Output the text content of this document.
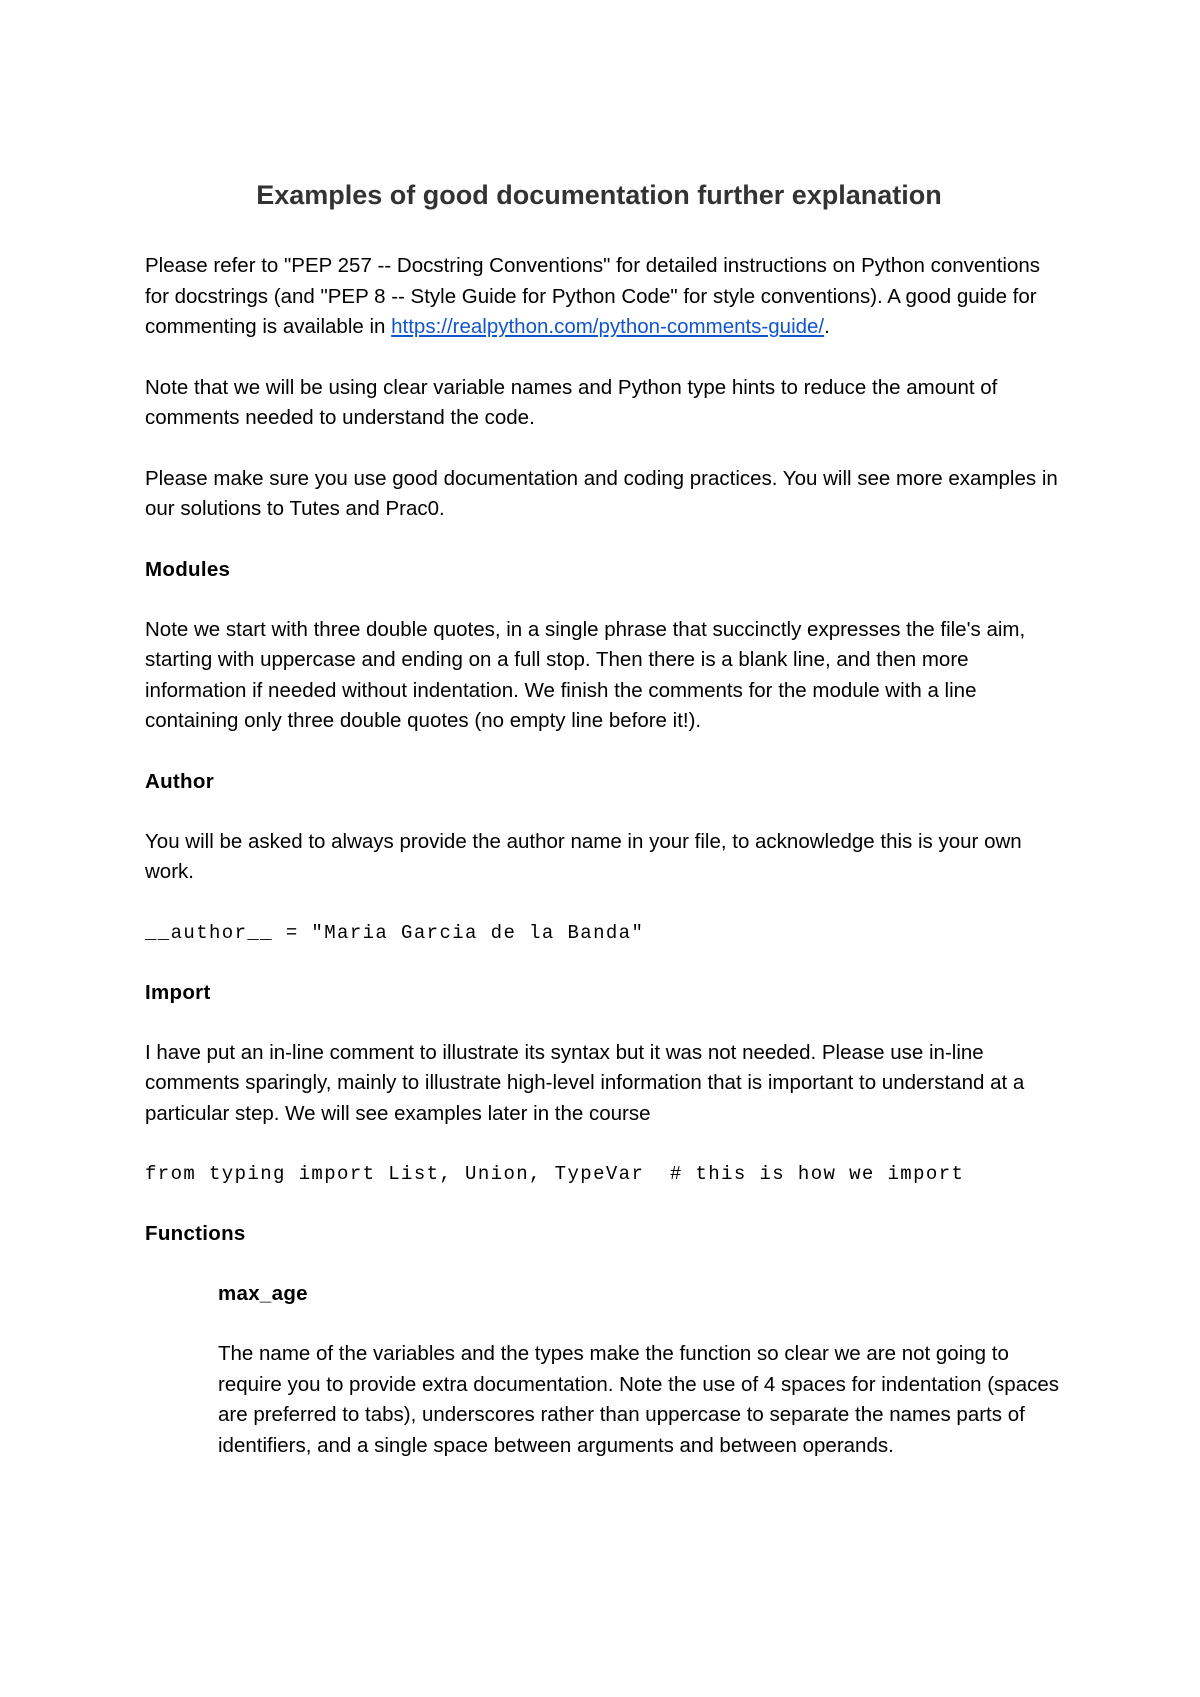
Examples of good documentation further explanation

Please refer to "PEP 257 -- Docstring Conventions" for detailed instructions on Python conventions for docstrings (and "PEP 8 -- Style Guide for Python Code" for style conventions). A good guide for commenting is available in https://realpython.com/python-comments-guide/.

Note that we will be using clear variable names and Python type hints to reduce the amount of comments needed to understand the code.

Please make sure you use good documentation and coding practices. You will see more examples in our solutions to Tutes and Prac0.

Modules

Note we start with three double quotes, in a single phrase that succinctly expresses the file's aim, starting with uppercase and ending on a full stop. Then there is a blank line, and then more information if needed without indentation. We finish the comments for the module with a line containing only three double quotes (no empty line before it!).

Author

You will be asked to always provide the author name in your file, to acknowledge this is your own work.

__author__ = "Maria Garcia de la Banda"
Import

I have put an in-line comment to illustrate its syntax but it was not needed. Please use in-line comments sparingly, mainly to illustrate high-level information that is important to understand at a particular step. We will see examples later in the course

from typing import List, Union, TypeVar  # this is how we import
Functions
max_age

The name of the variables and the types make the function so clear we are not going to require you to provide extra documentation. Note the use of 4 spaces for indentation (spaces are preferred to tabs), underscores rather than uppercase to separate the names parts of identifiers, and a single space between arguments and between operands.
